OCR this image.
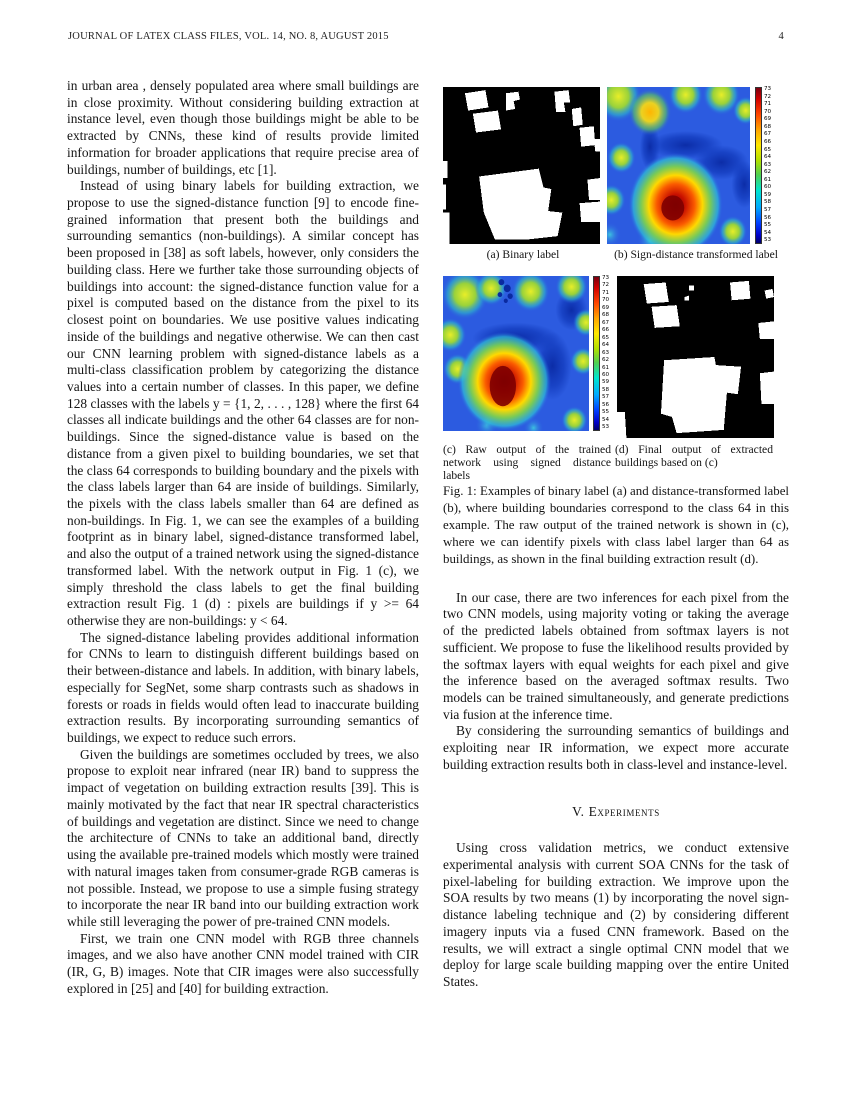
JOURNAL OF LATEX CLASS FILES, VOL. 14, NO. 8, AUGUST 2015	4

in urban area , densely populated area where small buildings are in close proximity. Without considering building extraction at instance level, even though those buildings might be able to be extracted by CNNs, these kind of results provide limited information for broader applications that require precise area of buildings, number of buildings, etc [1].

Instead of using binary labels for building extraction, we propose to use the signed-distance function [9] to encode fine-grained information that present both the buildings and surrounding semantics (non-buildings). A similar concept has been proposed in [38] as soft labels, however, only considers the building class. Here we further take those surrounding objects of buildings into account: the signed-distance function value for a pixel is computed based on the distance from the pixel to its closest point on boundaries. We use positive values indicating inside of the buildings and negative otherwise. We can then cast our CNN learning problem with signed-distance labels as a multi-class classification problem by categorizing the distance values into a certain number of classes. In this paper, we define 128 classes with the labels y = {1, 2, . . . , 128} where the first 64 classes all indicate buildings and the other 64 classes are for non-buildings. Since the signed-distance value is based on the distance from a given pixel to building boundaries, we set that the class 64 corresponds to building boundary and the pixels with the class labels larger than 64 are inside of buildings. Similarly, the pixels with the class labels smaller than 64 are defined as non-buildings. In Fig. 1, we can see the examples of a building footprint as in binary label, signed-distance transformed label, and also the output of a trained network using the signed-distance transformed label. With the network output in Fig. 1 (c), we simply threshold the class labels to get the final building extraction result Fig. 1 (d) : pixels are buildings if y >= 64 otherwise they are non-buildings: y < 64.

The signed-distance labeling provides additional information for CNNs to learn to distinguish different buildings based on their between-distance and labels. In addition, with binary labels, especially for SegNet, some sharp contrasts such as shadows in forests or roads in fields would often lead to inaccurate building extraction results. By incorporating surrounding semantics of buildings, we expect to reduce such errors.

Given the buildings are sometimes occluded by trees, we also propose to exploit near infrared (near IR) band to suppress the impact of vegetation on building extraction results [39]. This is mainly motivated by the fact that near IR spectral characteristics of buildings and vegetation are distinct. Since we need to change the architecture of CNNs to take an additional band, directly using the available pre-trained models which mostly were trained with natural images taken from consumer-grade RGB cameras is not possible. Instead, we propose to use a simple fusing strategy to incorporate the near IR band into our building extraction work while still leveraging the power of pre-trained CNN models.

First, we train one CNN model with RGB three channels images, and we also have another CNN model trained with CIR (IR, G, B) images. Note that CIR images were also successfully explored in [25] and [40] for building extraction.

73
72
71
70
69
68
67
66
65
64
63
62
61
60
59
58
57
56
55
54
53
(a) Binary label	(b) Sign-distance transformed label
73
72
71
70
69
68
67
66
65
64
63
62
61
60
59
58
57
56
55
54
53
(c) Raw output of the trained network using signed distance labels
(d) Final output of extracted buildings based on (c)

Fig. 1: Examples of binary label (a) and distance-transformed label (b), where building boundaries correspond to the class 64 in this example. The raw output of the trained network is shown in (c), where we can identify pixels with class label larger than 64 as buildings, as shown in the final building extraction result (d).

In our case, there are two inferences for each pixel from the two CNN models, using majority voting or taking the average of the predicted labels obtained from softmax layers is not sufficient. We propose to fuse the likelihood results provided by the softmax layers with equal weights for each pixel and give the inference based on the averaged softmax results. Two models can be trained simultaneously, and generate predictions via fusion at the inference time.

By considering the surrounding semantics of buildings and exploiting near IR information, we expect more accurate building extraction results both in class-level and instance-level.

V. Experiments

Using cross validation metrics, we conduct extensive experimental analysis with current SOA CNNs for the task of pixel-labeling for building extraction. We improve upon the SOA results by two means (1) by incorporating the novel sign-distance labeling technique and (2) by considering different imagery inputs via a fused CNN framework. Based on the results, we will extract a single optimal CNN model that we deploy for large scale building mapping over the entire United States.
